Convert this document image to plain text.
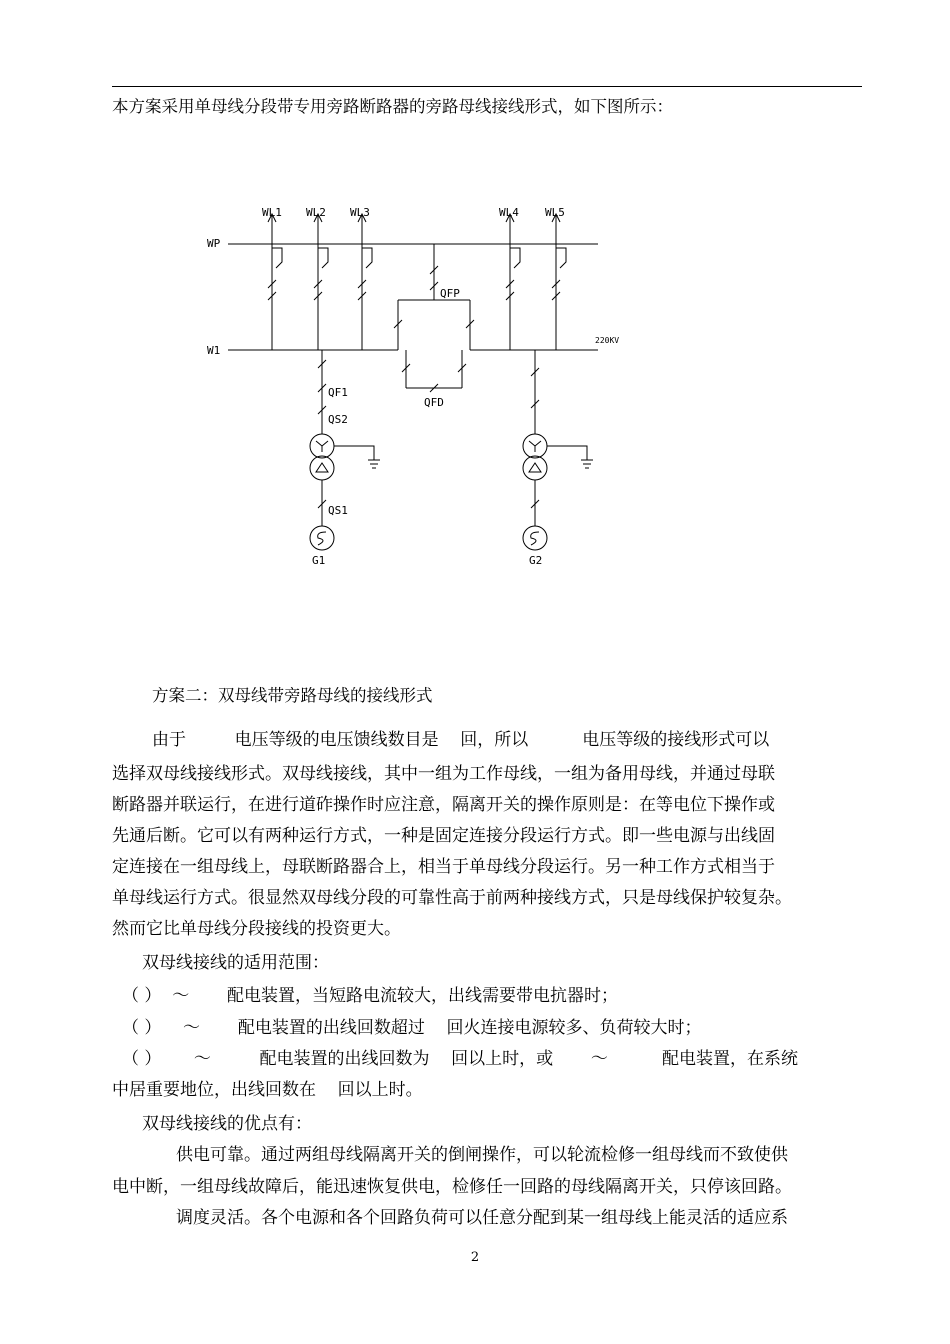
本方案采用单母线分段带专用旁路断路器的旁路母线接线形式，如下图所示：
WL1 WL2 WL3	WL4 WL5
WP
W1
QFP
QFD
220KV
QF1
QS2
QS1
G1	G2
方案二：双母线带旁路母线的接线形式
由于         电压等级的电压馈线数目是    回，所以          电压等级的接线形式可以
选择双母线接线形式。双母线接线，其中一组为工作母线，一组为备用母线，并通过母联
断路器并联运行，在进行道砟操作时应注意，隔离开关的操作原则是：在等电位下操作或
先通后断。它可以有两种运行方式，一种是固定连接分段运行方式。即一些电源与出线固
定连接在一组母线上，母联断路器合上，相当于单母线分段运行。另一种工作方式相当于
单母线运行方式。很显然双母线分段的可靠性高于前两种接线方式，只是母线保护较复杂。
然而它比单母线分段接线的投资更大。
双母线接线的适用范围：
（ ）  ～       配电装置，当短路电流较大，出线需要带电抗器时；
（ ）    ～       配电装置的出线回数超过    回火连接电源较多、负荷较大时；
（ ）      ～         配电装置的出线回数为    回以上时，或       ～          配电装置，在系统
中居重要地位，出线回数在    回以上时。
双母线接线的优点有：
供电可靠。通过两组母线隔离开关的倒闸操作，可以轮流检修一组母线而不致使供
电中断，一组母线故障后，能迅速恢复供电，检修任一回路的母线隔离开关，只停该回路。
调度灵活。各个电源和各个回路负荷可以任意分配到某一组母线上能灵活的适应系
2
